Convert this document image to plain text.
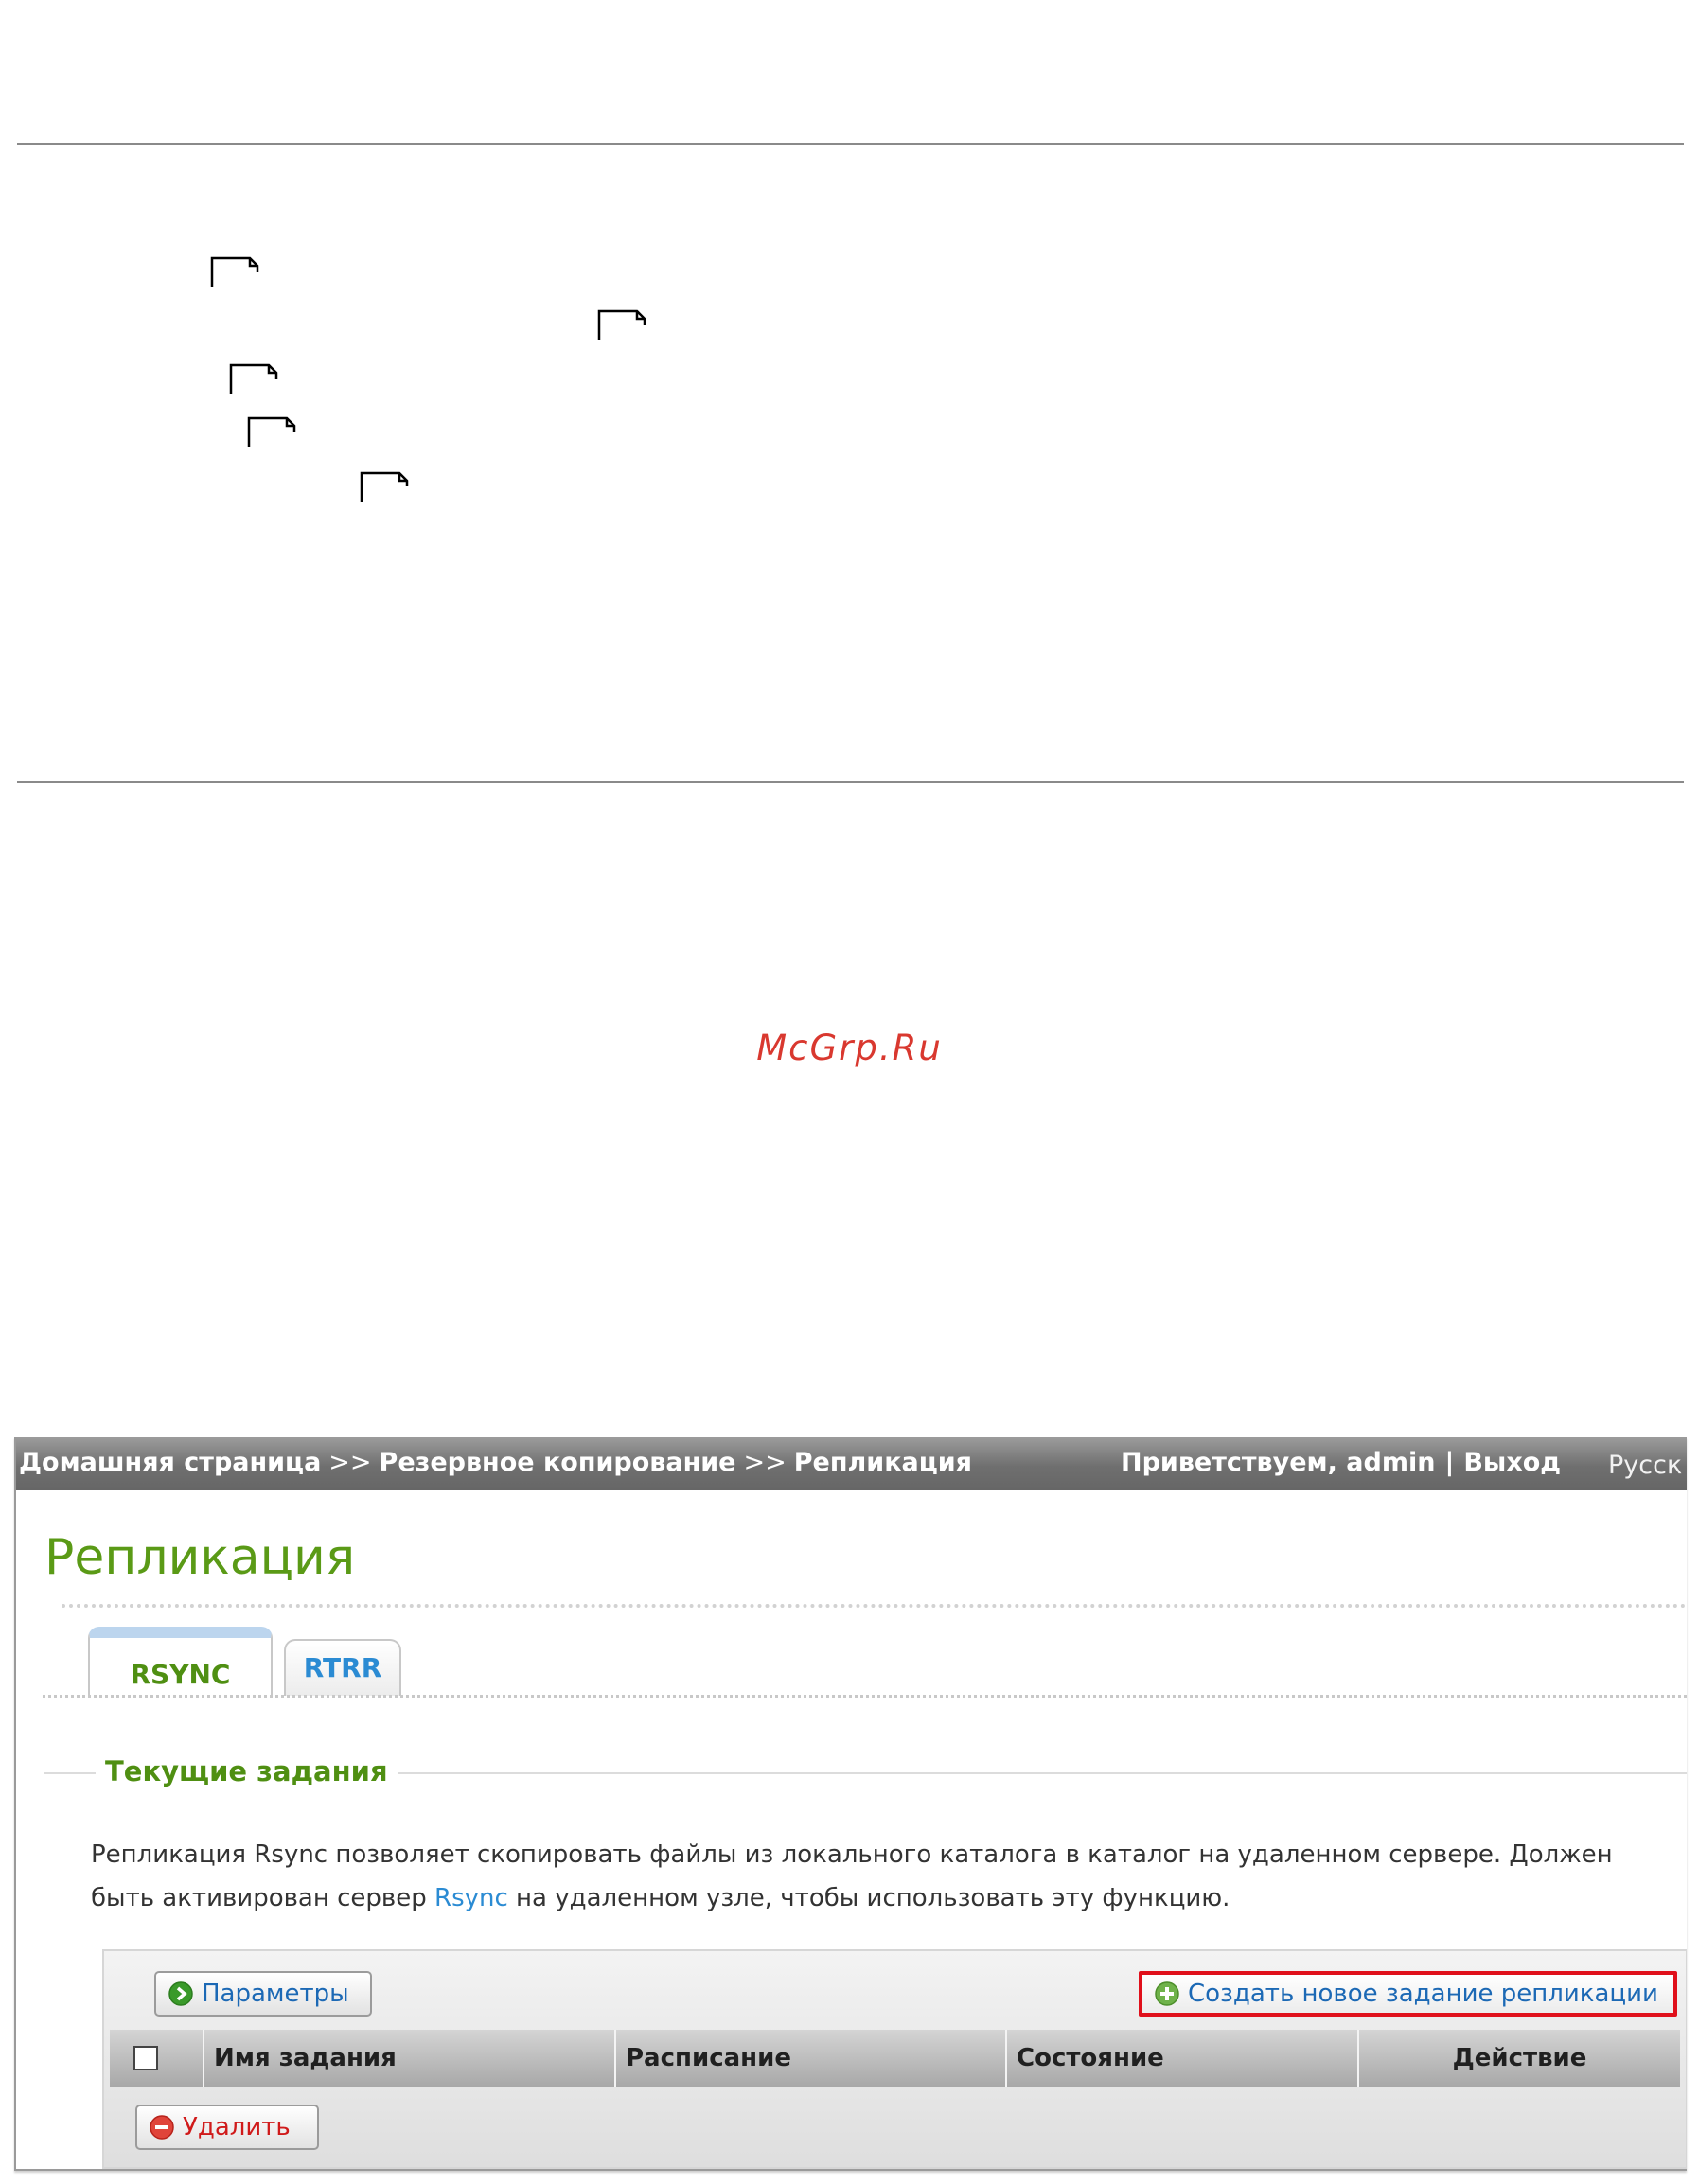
McGrp.Ru
Домашняя страница >> Резервное копирование >> Репликация	Приветствуем, admin | Выход Русск
Репликация
RSYNC	RTRR
Текущие задания

Репликация Rsync позволяет скопировать файлы из локального каталога в каталог на удаленном сервере. Должен быть активирован сервер Rsync на удаленном узле, чтобы использовать эту функцию.

Параметры	Создать новое задание репликации
Имя задания	Расписание	Состояние	Действие
Удалить
